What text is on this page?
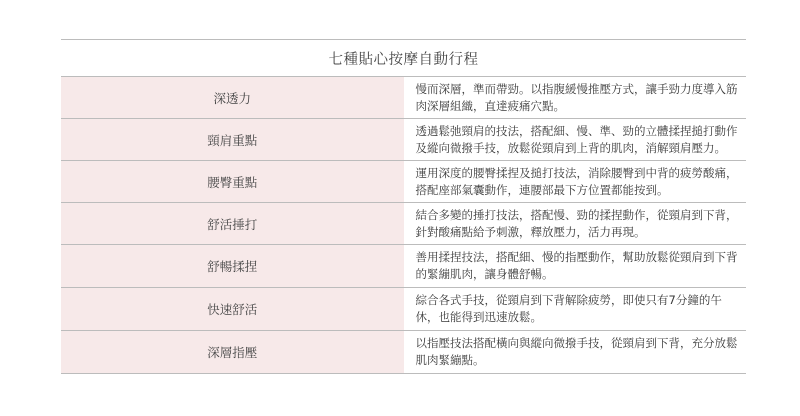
七種貼心按摩自動行程	
深透力	慢而深層，準而帶勁。以指腹緩慢推壓方式，讓手勁力度導入筋肉深層組織，直達疲痛穴點。
頸肩重點	透過鬆弛頸肩的技法，搭配細、慢、準、勁的立體揉捏搥打動作及縱向微撥手技，放鬆從頸肩到上背的肌肉，消解頸肩壓力。
腰臀重點	運用深度的腰臀揉捏及搥打技法，消除腰臀到中背的疲勞酸痛，搭配座部氣囊動作，連腰部最下方位置都能按到。
舒活捶打	結合多變的捶打技法，搭配慢、勁的揉捏動作，從頸肩到下背，針對酸痛點給予刺激，釋放壓力，活力再現。
舒暢揉捏	善用揉捏技法，搭配細、慢的指壓動作，幫助放鬆從頸肩到下背的緊繃肌肉，讓身體舒暢。
快速舒活	綜合各式手技，從頸肩到下背解除疲勞，即使只有7分鐘的午休，也能得到迅速放鬆。
深層指壓	以指壓技法搭配橫向與縱向微撥手技，從頸肩到下背，充分放鬆肌肉緊繃點。
